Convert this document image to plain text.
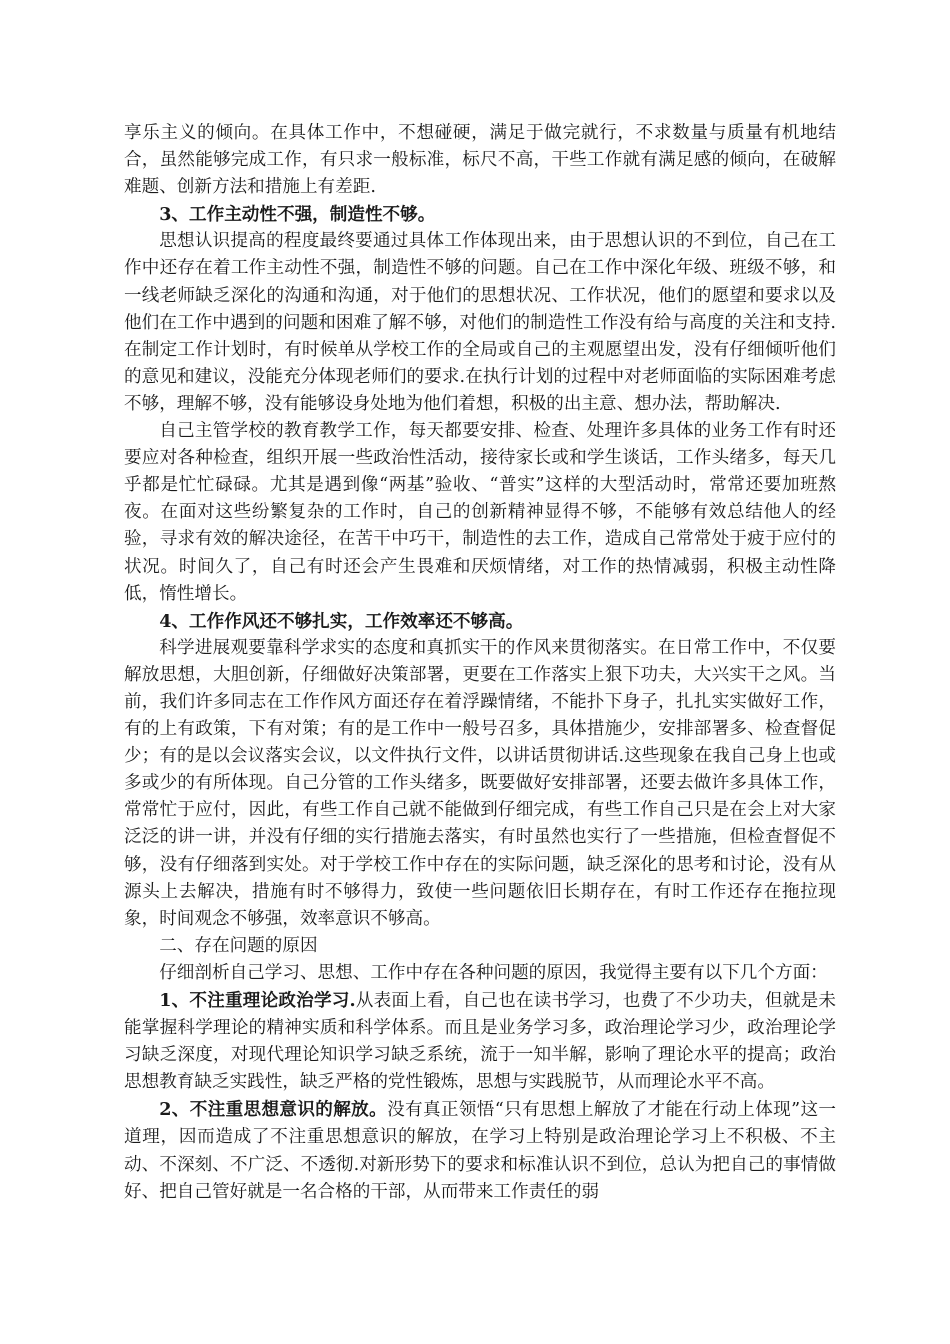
享乐主义的倾向。在具体工作中，不想碰硬，满足于做完就行，不求数量与质量有机地结合，虽然能够完成工作，有只求一般标准，标尺不高，干些工作就有满足感的倾向，在破解难题、创新方法和措施上有差距.

3、工作主动性不强，制造性不够。

思想认识提高的程度最终要通过具体工作体现出来，由于思想认识的不到位，自己在工作中还存在着工作主动性不强，制造性不够的问题。自己在工作中深化年级、班级不够，和一线老师缺乏深化的沟通和沟通，对于他们的思想状况、工作状况，他们的愿望和要求以及他们在工作中遇到的问题和困难了解不够，对他们的制造性工作没有给与高度的关注和支持.在制定工作计划时，有时候单从学校工作的全局或自己的主观愿望出发，没有仔细倾听他们的意见和建议，没能充分体现老师们的要求.在执行计划的过程中对老师面临的实际困难考虑不够，理解不够，没有能够设身处地为他们着想，积极的出主意、想办法，帮助解决.

自己主管学校的教育教学工作，每天都要安排、检查、处理许多具体的业务工作有时还要应对各种检查，组织开展一些政治性活动，接待家长或和学生谈话，工作头绪多，每天几乎都是忙忙碌碌。尤其是遇到像“两基”验收、“普实”这样的大型活动时，常常还要加班熬夜。在面对这些纷繁复杂的工作时，自己的创新精神显得不够，不能够有效总结他人的经验，寻求有效的解决途径，在苦干中巧干，制造性的去工作，造成自己常常处于疲于应付的状况。时间久了，自己有时还会产生畏难和厌烦情绪，对工作的热情减弱，积极主动性降低，惰性增长。

4、工作作风还不够扎实，工作效率还不够高。

科学进展观要靠科学求实的态度和真抓实干的作风来贯彻落实。在日常工作中，不仅要解放思想，大胆创新，仔细做好决策部署，更要在工作落实上狠下功夫，大兴实干之风。当前，我们许多同志在工作作风方面还存在着浮躁情绪，不能扑下身子，扎扎实实做好工作，有的上有政策，下有对策；有的是工作中一般号召多，具体措施少，安排部署多、检查督促少；有的是以会议落实会议，以文件执行文件，以讲话贯彻讲话.这些现象在我自己身上也或多或少的有所体现。自己分管的工作头绪多，既要做好安排部署，还要去做许多具体工作，常常忙于应付，因此，有些工作自己就不能做到仔细完成，有些工作自己只是在会上对大家泛泛的讲一讲，并没有仔细的实行措施去落实，有时虽然也实行了一些措施，但检查督促不够，没有仔细落到实处。对于学校工作中存在的实际问题，缺乏深化的思考和讨论，没有从源头上去解决，措施有时不够得力，致使一些问题依旧长期存在，有时工作还存在拖拉现象，时间观念不够强，效率意识不够高。

二、存在问题的原因

仔细剖析自己学习、思想、工作中存在各种问题的原因，我觉得主要有以下几个方面：

1、不注重理论政治学习.从表面上看，自己也在读书学习，也费了不少功夫，但就是未能掌握科学理论的精神实质和科学体系。而且是业务学习多，政治理论学习少，政治理论学习缺乏深度，对现代理论知识学习缺乏系统，流于一知半解，影响了理论水平的提高；政治思想教育缺乏实践性，缺乏严格的党性锻炼，思想与实践脱节，从而理论水平不高。

2、不注重思想意识的解放。没有真正领悟“只有思想上解放了才能在行动上体现”这一道理，因而造成了不注重思想意识的解放，在学习上特别是政治理论学习上不积极、不主动、不深刻、不广泛、不透彻.对新形势下的要求和标准认识不到位，总认为把自己的事情做好、把自己管好就是一名合格的干部，从而带来工作责任的弱
